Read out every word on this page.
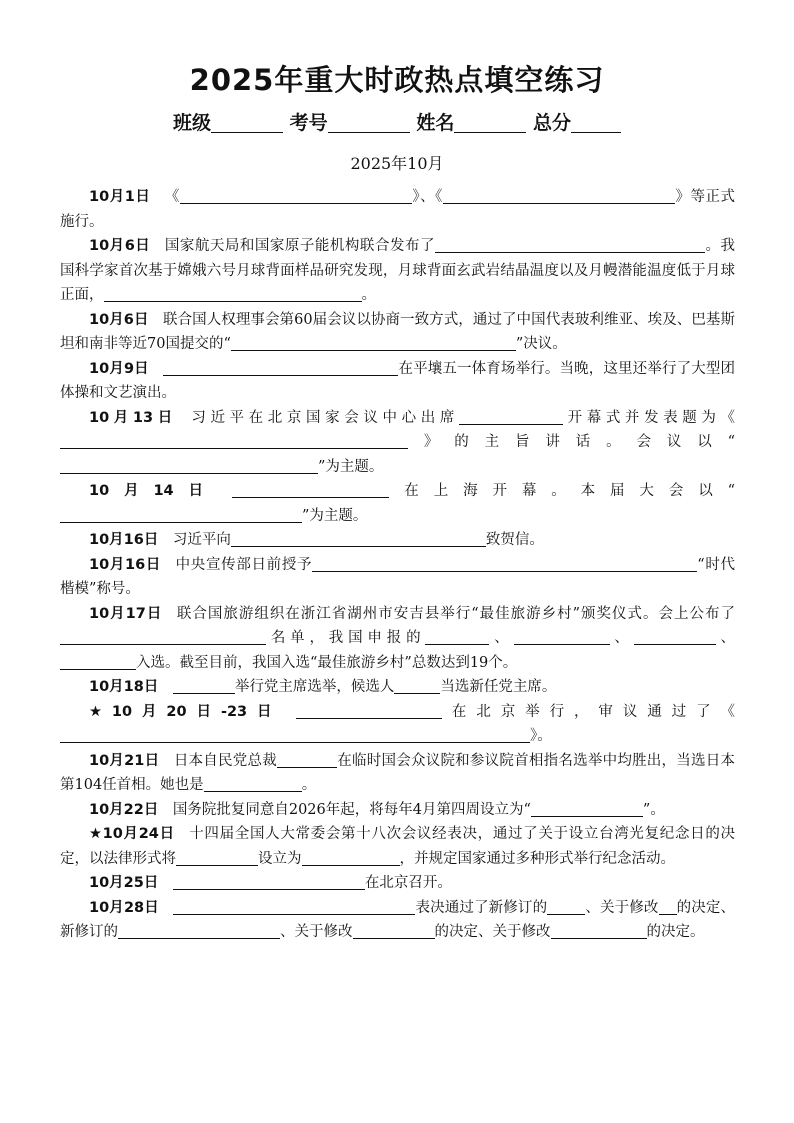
2025年重大时政热点填空练习
班级	考号	姓名	总分
2025年10月

10月1日 《	》、《	》等正式施行。

10月6日 国家航天局和国家原子能机构联合发布了	。我国科学家首次基于嫦娥六号月球背面样品研究发现，月球背面玄武岩结晶温度以及月幔潜能温度低于月球正面，	。

10月6日 联合国人权理事会第60届会议以协商一致方式，通过了中国代表玻利维亚、埃及、巴基斯坦和南非等近70国提交的“	”决议。

10月9日	在平壤五一体育场举行。当晚，这里还举行了大型团体操和文艺演出。

10月13日 习近平在北京国家会议中心出席	开幕式并发表题为《》的主旨讲话。会议以“”为主题。

10月14日	在上海开幕。本届大会以“”为主题。

10月16日 习近平向	致贺信。

10月16日 中央宣传部日前授予	“时代楷模”称号。

10月17日 联合国旅游组织在浙江省湖州市安吉县举行“最佳旅游乡村”颁奖仪式。会上公布了名单，我国申报的	、	、	、入选。截至目前，我国入选“最佳旅游乡村”总数达到19个。

10月18日	举行党主席选举，候选人	当选新任党主席。

★10月20日-23日	在北京举行，审议通过了《》。

10月21日 日本自民党总裁	在临时国会众议院和参议院首相指名选举中均胜出，当选日本第104任首相。她也是	。

10月22日 国务院批复同意自2026年起，将每年4月第四周设立为“	”。

★10月24日 十四届全国人大常委会第十八次会议经表决，通过了关于设立台湾光复纪念日的决定，以法律形式将	设立为	，并规定国家通过多种形式举行纪念活动。

10月25日	在北京召开。

10月28日	表决通过了新修订的	、关于修改 的决定、新修订的	、关于修改	的决定、关于修改	的决定。
